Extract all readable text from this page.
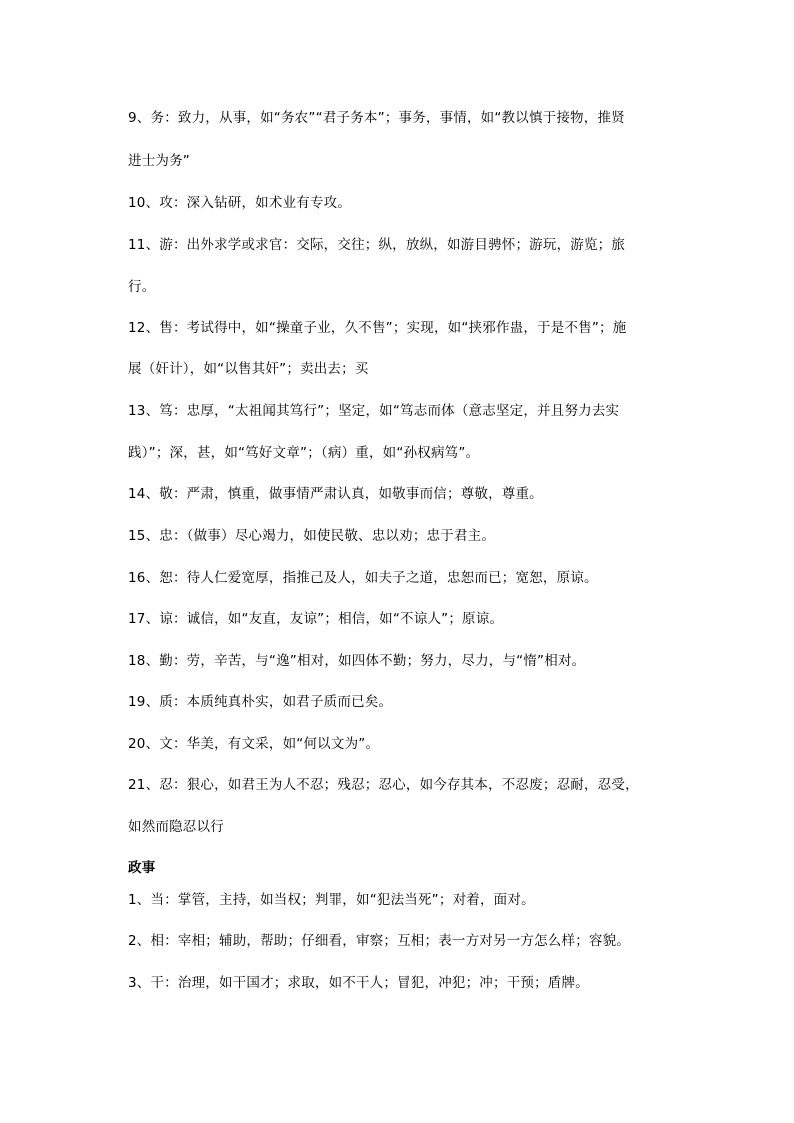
9、务：致力，从事，如“务农”“君子务本”；事务，事情，如“教以慎于接物，推贤
进士为务”
10、攻：深入钻研，如术业有专攻。
11、游：出外求学或求官：交际，交往；纵，放纵，如游目骋怀；游玩，游览；旅
行。
12、售：考试得中，如“操童子业，久不售”；实现，如“挟邪作蛊，于是不售”；施
展（奸计），如“以售其奸”；卖出去；买
13、笃：忠厚，“太祖闻其笃行”；坚定，如“笃志而体（意志坚定，并且努力去实
践）”；深，甚，如“笃好文章”；（病）重，如“孙权病笃”。
14、敬：严肃，慎重，做事情严肃认真，如敬事而信；尊敬，尊重。
15、忠：（做事）尽心竭力，如使民敬、忠以劝；忠于君主。
16、恕：待人仁爱宽厚，指推己及人，如夫子之道，忠恕而已；宽恕，原谅。
17、谅：诚信，如“友直，友谅”；相信，如“不谅人”；原谅。
18、勤：劳，辛苦，与“逸”相对，如四体不勤；努力，尽力，与“惰”相对。
19、质：本质纯真朴实，如君子质而已矣。
20、文：华美，有文采，如“何以文为”。
21、忍：狠心，如君王为人不忍；残忍；忍心，如今存其本，不忍废；忍耐，忍受，
如然而隐忍以行
政事
1、当：掌管，主持，如当权；判罪，如“犯法当死”；对着，面对。
2、相：宰相；辅助，帮助；仔细看，审察；互相；表一方对另一方怎么样；容貌。
3、干：治理，如干国才；求取，如不干人；冒犯，冲犯；冲；干预；盾牌。
